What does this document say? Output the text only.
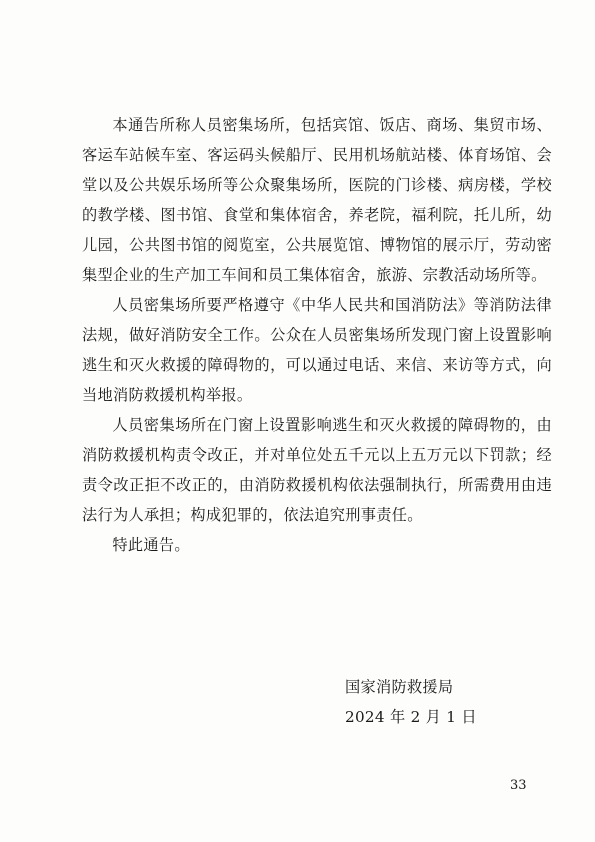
本通告所称人员密集场所，包括宾馆、饭店、商场、集贸市场、客运车站候车室、客运码头候船厅、民用机场航站楼、体育场馆、会堂以及公共娱乐场所等公众聚集场所，医院的门诊楼、病房楼，学校的教学楼、图书馆、食堂和集体宿舍，养老院，福利院，托儿所，幼儿园，公共图书馆的阅览室，公共展览馆、博物馆的展示厅，劳动密集型企业的生产加工车间和员工集体宿舍，旅游、宗教活动场所等。

人员密集场所要严格遵守《中华人民共和国消防法》等消防法律法规，做好消防安全工作。公众在人员密集场所发现门窗上设置影响逃生和灭火救援的障碍物的，可以通过电话、来信、来访等方式，向当地消防救援机构举报。

人员密集场所在门窗上设置影响逃生和灭火救援的障碍物的，由消防救援机构责令改正，并对单位处五千元以上五万元以下罚款；经责令改正拒不改正的，由消防救援机构依法强制执行，所需费用由违法行为人承担；构成犯罪的，依法追究刑事责任。

特此通告。

国家消防救援局
2024 年 2 月 1 日
33
